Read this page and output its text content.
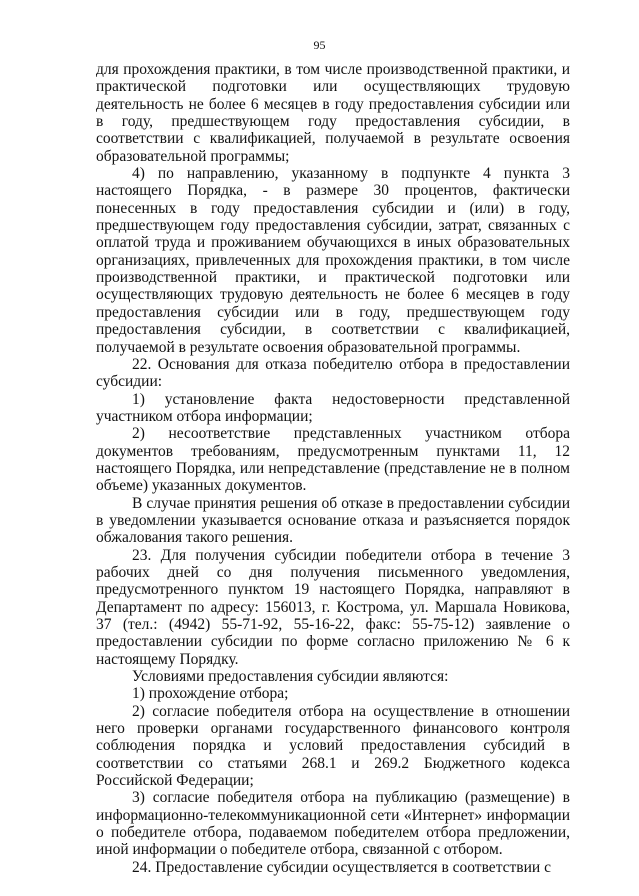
95

для прохождения практики, в том числе производственной практики, и практической подготовки или осуществляющих трудовую деятельность не более 6 месяцев в году предоставления субсидии или в году, предшествующем году предоставления субсидии, в соответствии с квалификацией, получаемой в результате освоения образовательной программы;

4) по направлению, указанному в подпункте 4 пункта 3 настоящего Порядка, - в размере 30 процентов, фактически понесенных в году предоставления субсидии и (или) в году, предшествующем году предоставления субсидии, затрат, связанных с оплатой труда и проживанием обучающихся в иных образовательных организациях, привлеченных для прохождения практики, в том числе производственной практики, и практической подготовки или осуществляющих трудовую деятельность не более 6 месяцев в году предоставления субсидии или в году, предшествующем году предоставления субсидии, в соответствии с квалификацией, получаемой в результате освоения образовательной программы.

22. Основания для отказа победителю отбора в предоставлении субсидии:

1) установление факта недостоверности представленной участником отбора информации;

2) несоответствие представленных участником отбора документов требованиям, предусмотренным пунктами 11, 12 настоящего Порядка, или непредставление (представление не в полном объеме) указанных документов.

В случае принятия решения об отказе в предоставлении субсидии в уведомлении указывается основание отказа и разъясняется порядок обжалования такого решения.

23. Для получения субсидии победители отбора в течение 3 рабочих дней со дня получения письменного уведомления, предусмотренного пунктом 19 настоящего Порядка, направляют в Департамент по адресу: 156013, г. Кострома, ул. Маршала Новикова, 37 (тел.: (4942) 55-71-92, 55-16-22, факс: 55-75-12) заявление о предоставлении субсидии по форме согласно приложению № 6 к настоящему Порядку.

Условиями предоставления субсидии являются:

1) прохождение отбора;

2) согласие победителя отбора на осуществление в отношении него проверки органами государственного финансового контроля соблюдения порядка и условий предоставления субсидий в соответствии со статьями 268.1 и 269.2 Бюджетного кодекса Российской Федерации;

3) согласие победителя отбора на публикацию (размещение) в информационно-телекоммуникационной сети «Интернет» информации о победителе отбора, подаваемом победителем отбора предложении, иной информации о победителе отбора, связанной с отбором.

24. Предоставление субсидии осуществляется в соответствии с
